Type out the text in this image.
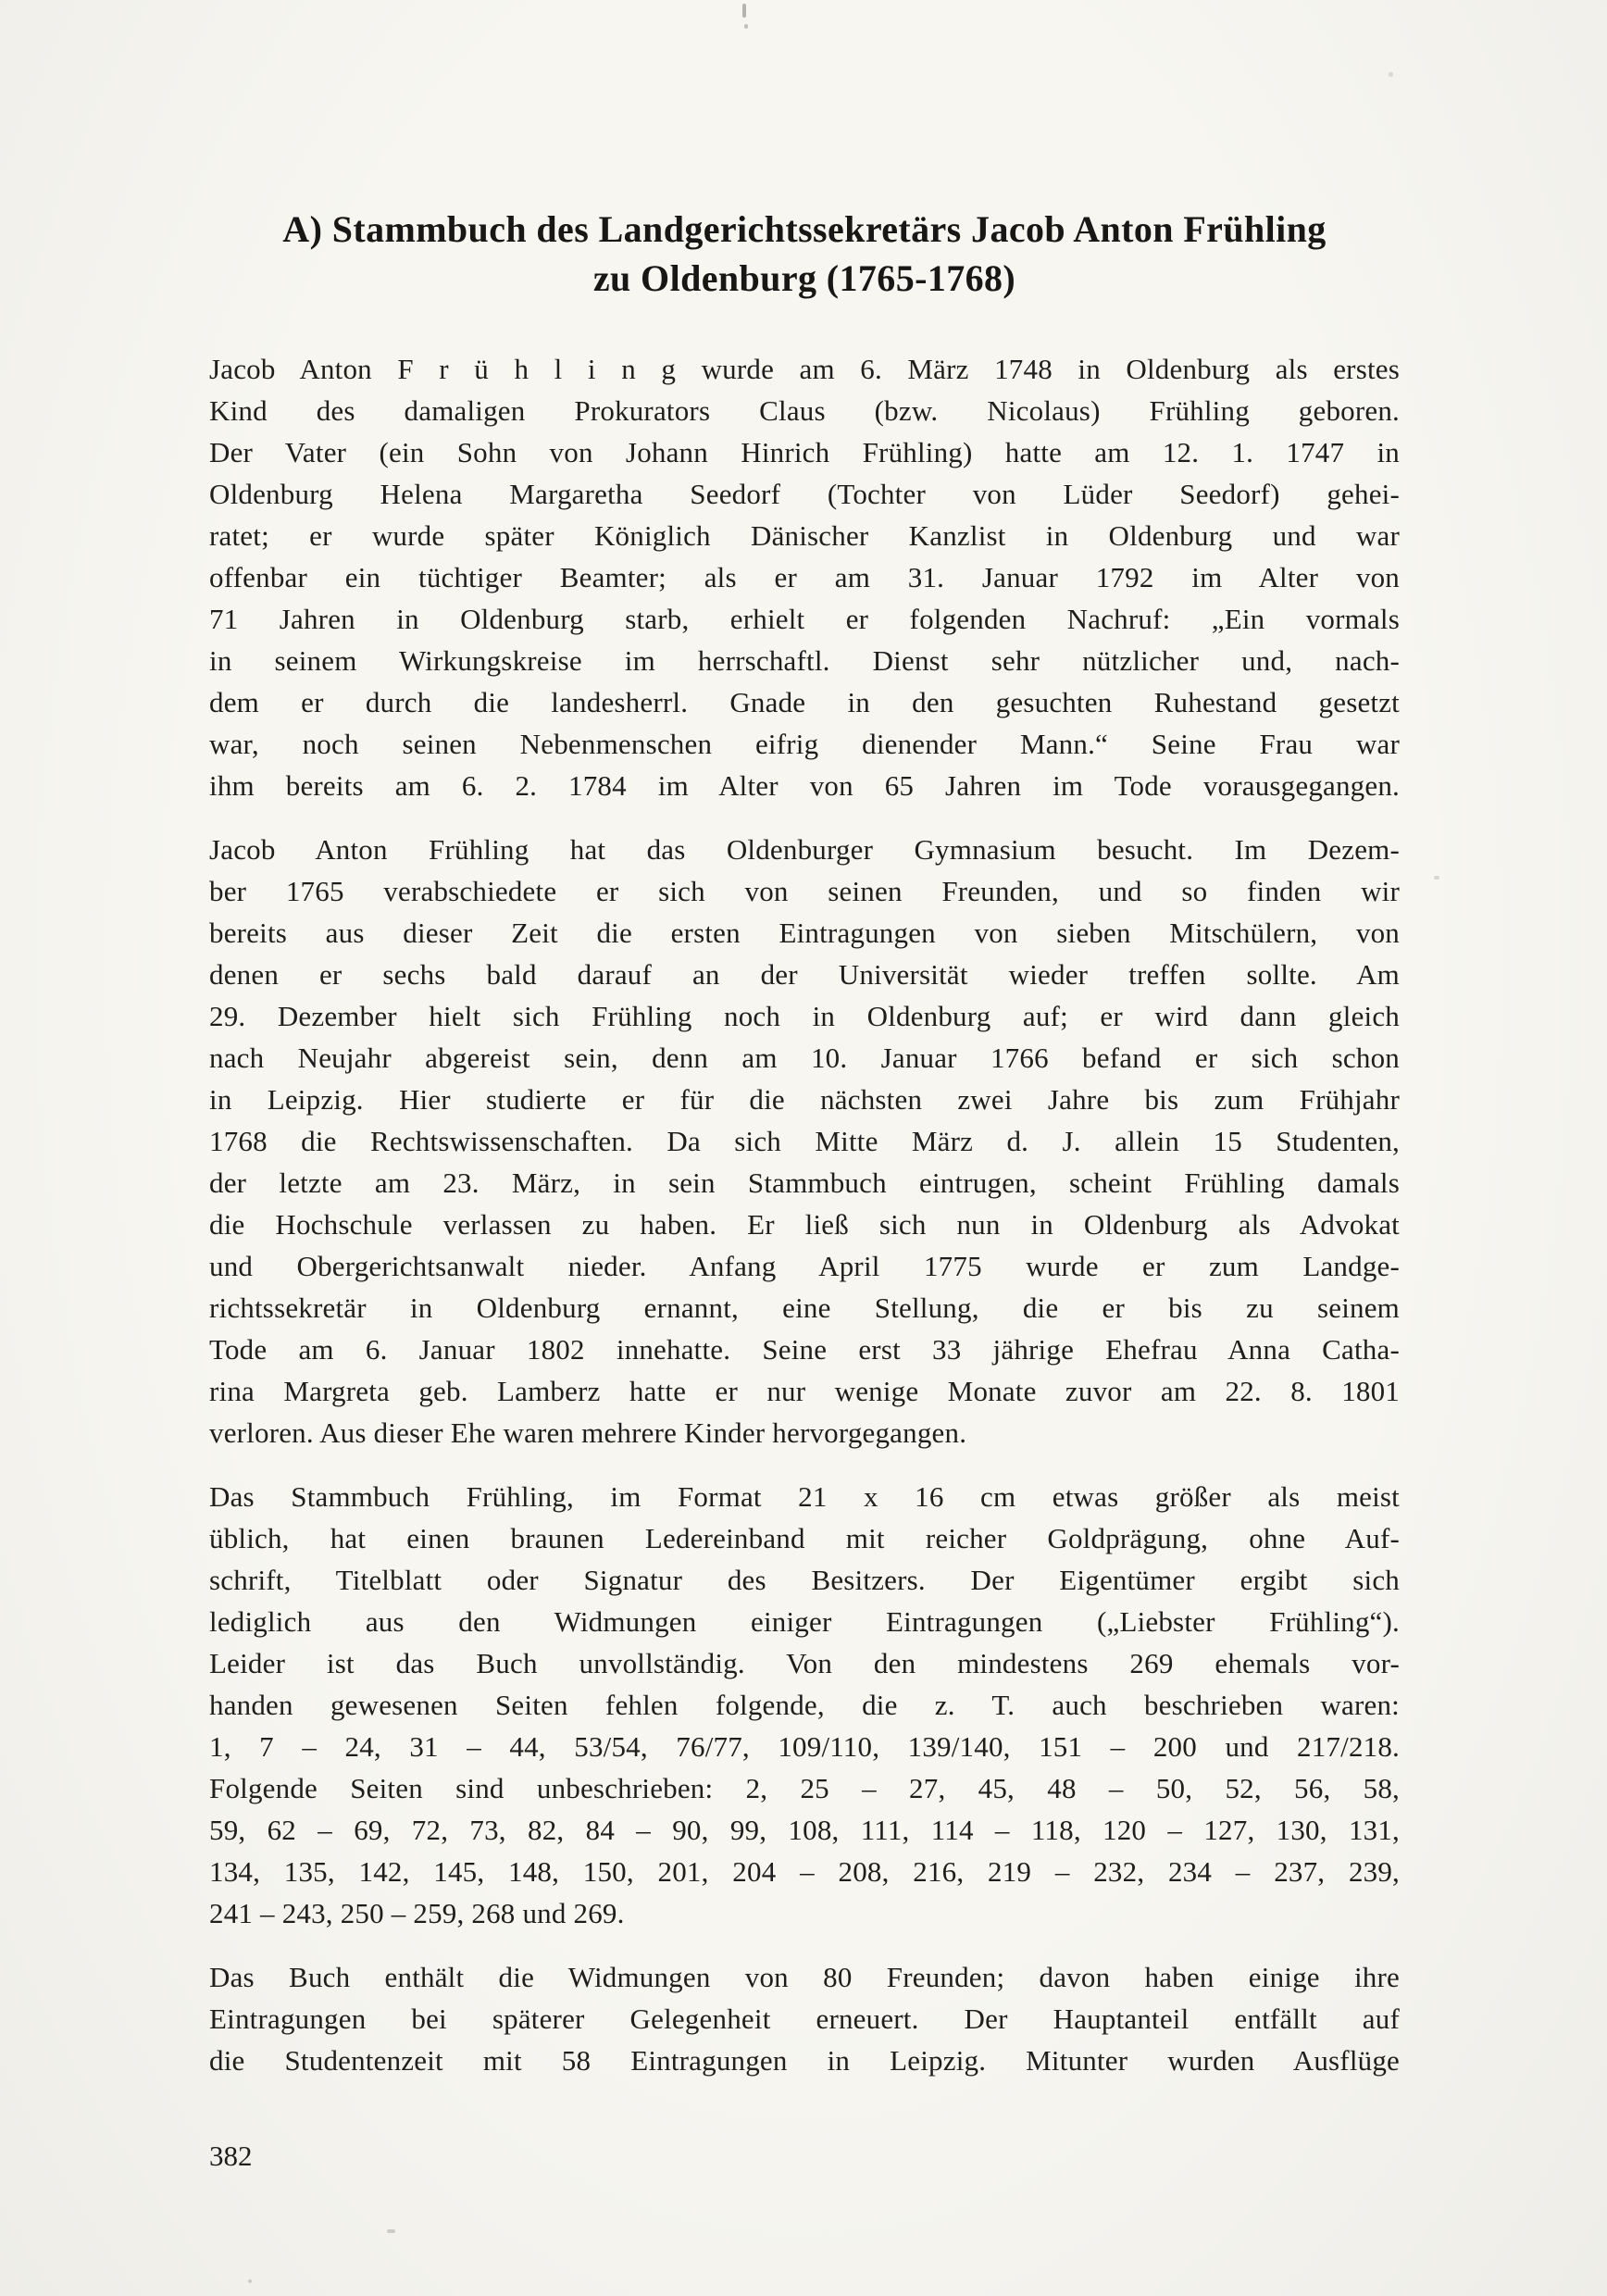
A) Stammbuch des Landgerichtssekretärs Jacob Anton Frühling
zu Oldenburg (1765-1768)
Jacob Anton F r ü h l i n g wurde am 6. März 1748 in Oldenburg als erstes
Kind des damaligen Prokurators Claus (bzw. Nicolaus) Frühling geboren.
Der Vater (ein Sohn von Johann Hinrich Frühling) hatte am 12. 1. 1747 in
Oldenburg Helena Margaretha Seedorf (Tochter von Lüder Seedorf) gehei-
ratet; er wurde später Königlich Dänischer Kanzlist in Oldenburg und war
offenbar ein tüchtiger Beamter; als er am 31. Januar 1792 im Alter von
71 Jahren in Oldenburg starb, erhielt er folgenden Nachruf: „Ein vormals
in seinem Wirkungskreise im herrschaftl. Dienst sehr nützlicher und, nach-
dem er durch die landesherrl. Gnade in den gesuchten Ruhestand gesetzt
war, noch seinen Nebenmenschen eifrig dienender Mann.“ Seine Frau war
ihm bereits am 6. 2. 1784 im Alter von 65 Jahren im Tode vorausgegangen.
Jacob Anton Frühling hat das Oldenburger Gymnasium besucht. Im Dezem-
ber 1765 verabschiedete er sich von seinen Freunden, und so finden wir
bereits aus dieser Zeit die ersten Eintragungen von sieben Mitschülern, von
denen er sechs bald darauf an der Universität wieder treffen sollte. Am
29. Dezember hielt sich Frühling noch in Oldenburg auf; er wird dann gleich
nach Neujahr abgereist sein, denn am 10. Januar 1766 befand er sich schon
in Leipzig. Hier studierte er für die nächsten zwei Jahre bis zum Frühjahr
1768 die Rechtswissenschaften. Da sich Mitte März d. J. allein 15 Studenten,
der letzte am 23. März, in sein Stammbuch eintrugen, scheint Frühling damals
die Hochschule verlassen zu haben. Er ließ sich nun in Oldenburg als Advokat
und Obergerichtsanwalt nieder. Anfang April 1775 wurde er zum Landge-
richtssekretär in Oldenburg ernannt, eine Stellung, die er bis zu seinem
Tode am 6. Januar 1802 innehatte. Seine erst 33 jährige Ehefrau Anna Catha-
rina Margreta geb. Lamberz hatte er nur wenige Monate zuvor am 22. 8. 1801
verloren. Aus dieser Ehe waren mehrere Kinder hervorgegangen.
Das Stammbuch Frühling, im Format 21 x 16 cm etwas größer als meist
üblich, hat einen braunen Ledereinband mit reicher Goldprägung, ohne Auf-
schrift, Titelblatt oder Signatur des Besitzers. Der Eigentümer ergibt sich
lediglich aus den Widmungen einiger Eintragungen („Liebster Frühling“).
Leider ist das Buch unvollständig. Von den mindestens 269 ehemals vor-
handen gewesenen Seiten fehlen folgende, die z. T. auch beschrieben waren:
1, 7 – 24, 31 – 44, 53/54, 76/77, 109/110, 139/140, 151 – 200 und 217/218.
Folgende Seiten sind unbeschrieben: 2, 25 – 27, 45, 48 – 50, 52, 56, 58,
59, 62 – 69, 72, 73, 82, 84 – 90, 99, 108, 111, 114 – 118, 120 – 127, 130, 131,
134, 135, 142, 145, 148, 150, 201, 204 – 208, 216, 219 – 232, 234 – 237, 239,
241 – 243, 250 – 259, 268 und 269.
Das Buch enthält die Widmungen von 80 Freunden; davon haben einige ihre
Eintragungen bei späterer Gelegenheit erneuert. Der Hauptanteil entfällt auf
die Studentenzeit mit 58 Eintragungen in Leipzig. Mitunter wurden Ausflüge
382
